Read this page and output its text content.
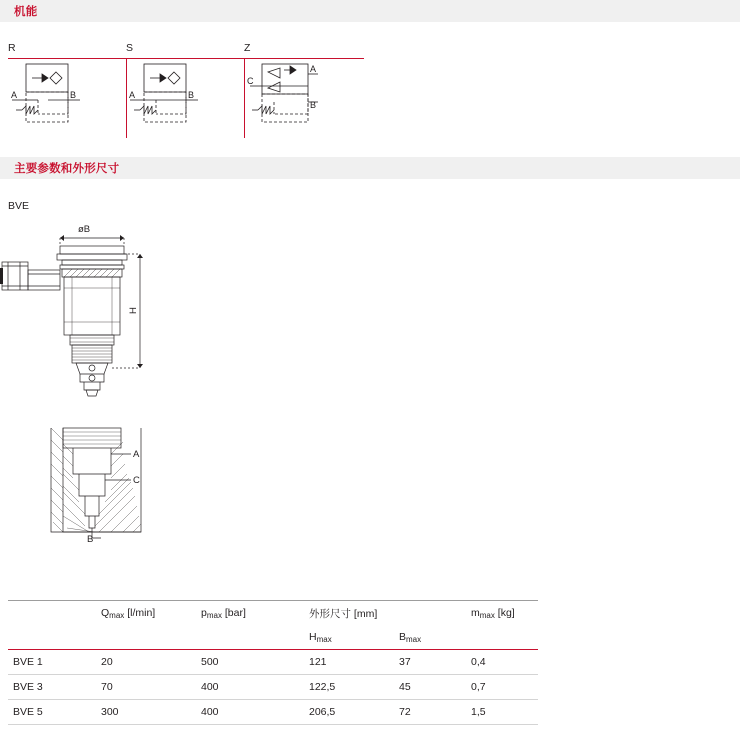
机能
R
A	B
S
A	B
Z
C
A
B
主要参数和外形尺寸
BVE
øB
H
A
C
B
	$Q_{max}$ [l/min]	$p_{max}$ [bar]	外形尺寸 [mm]		$m_{max}$ [kg]
			$H_{max}$	$B_{max}$	
BVE 1	20	500	121	37	0,4
BVE 3	70	400	122,5	45	0,7
BVE 5	300	400	206,5	72	1,5
